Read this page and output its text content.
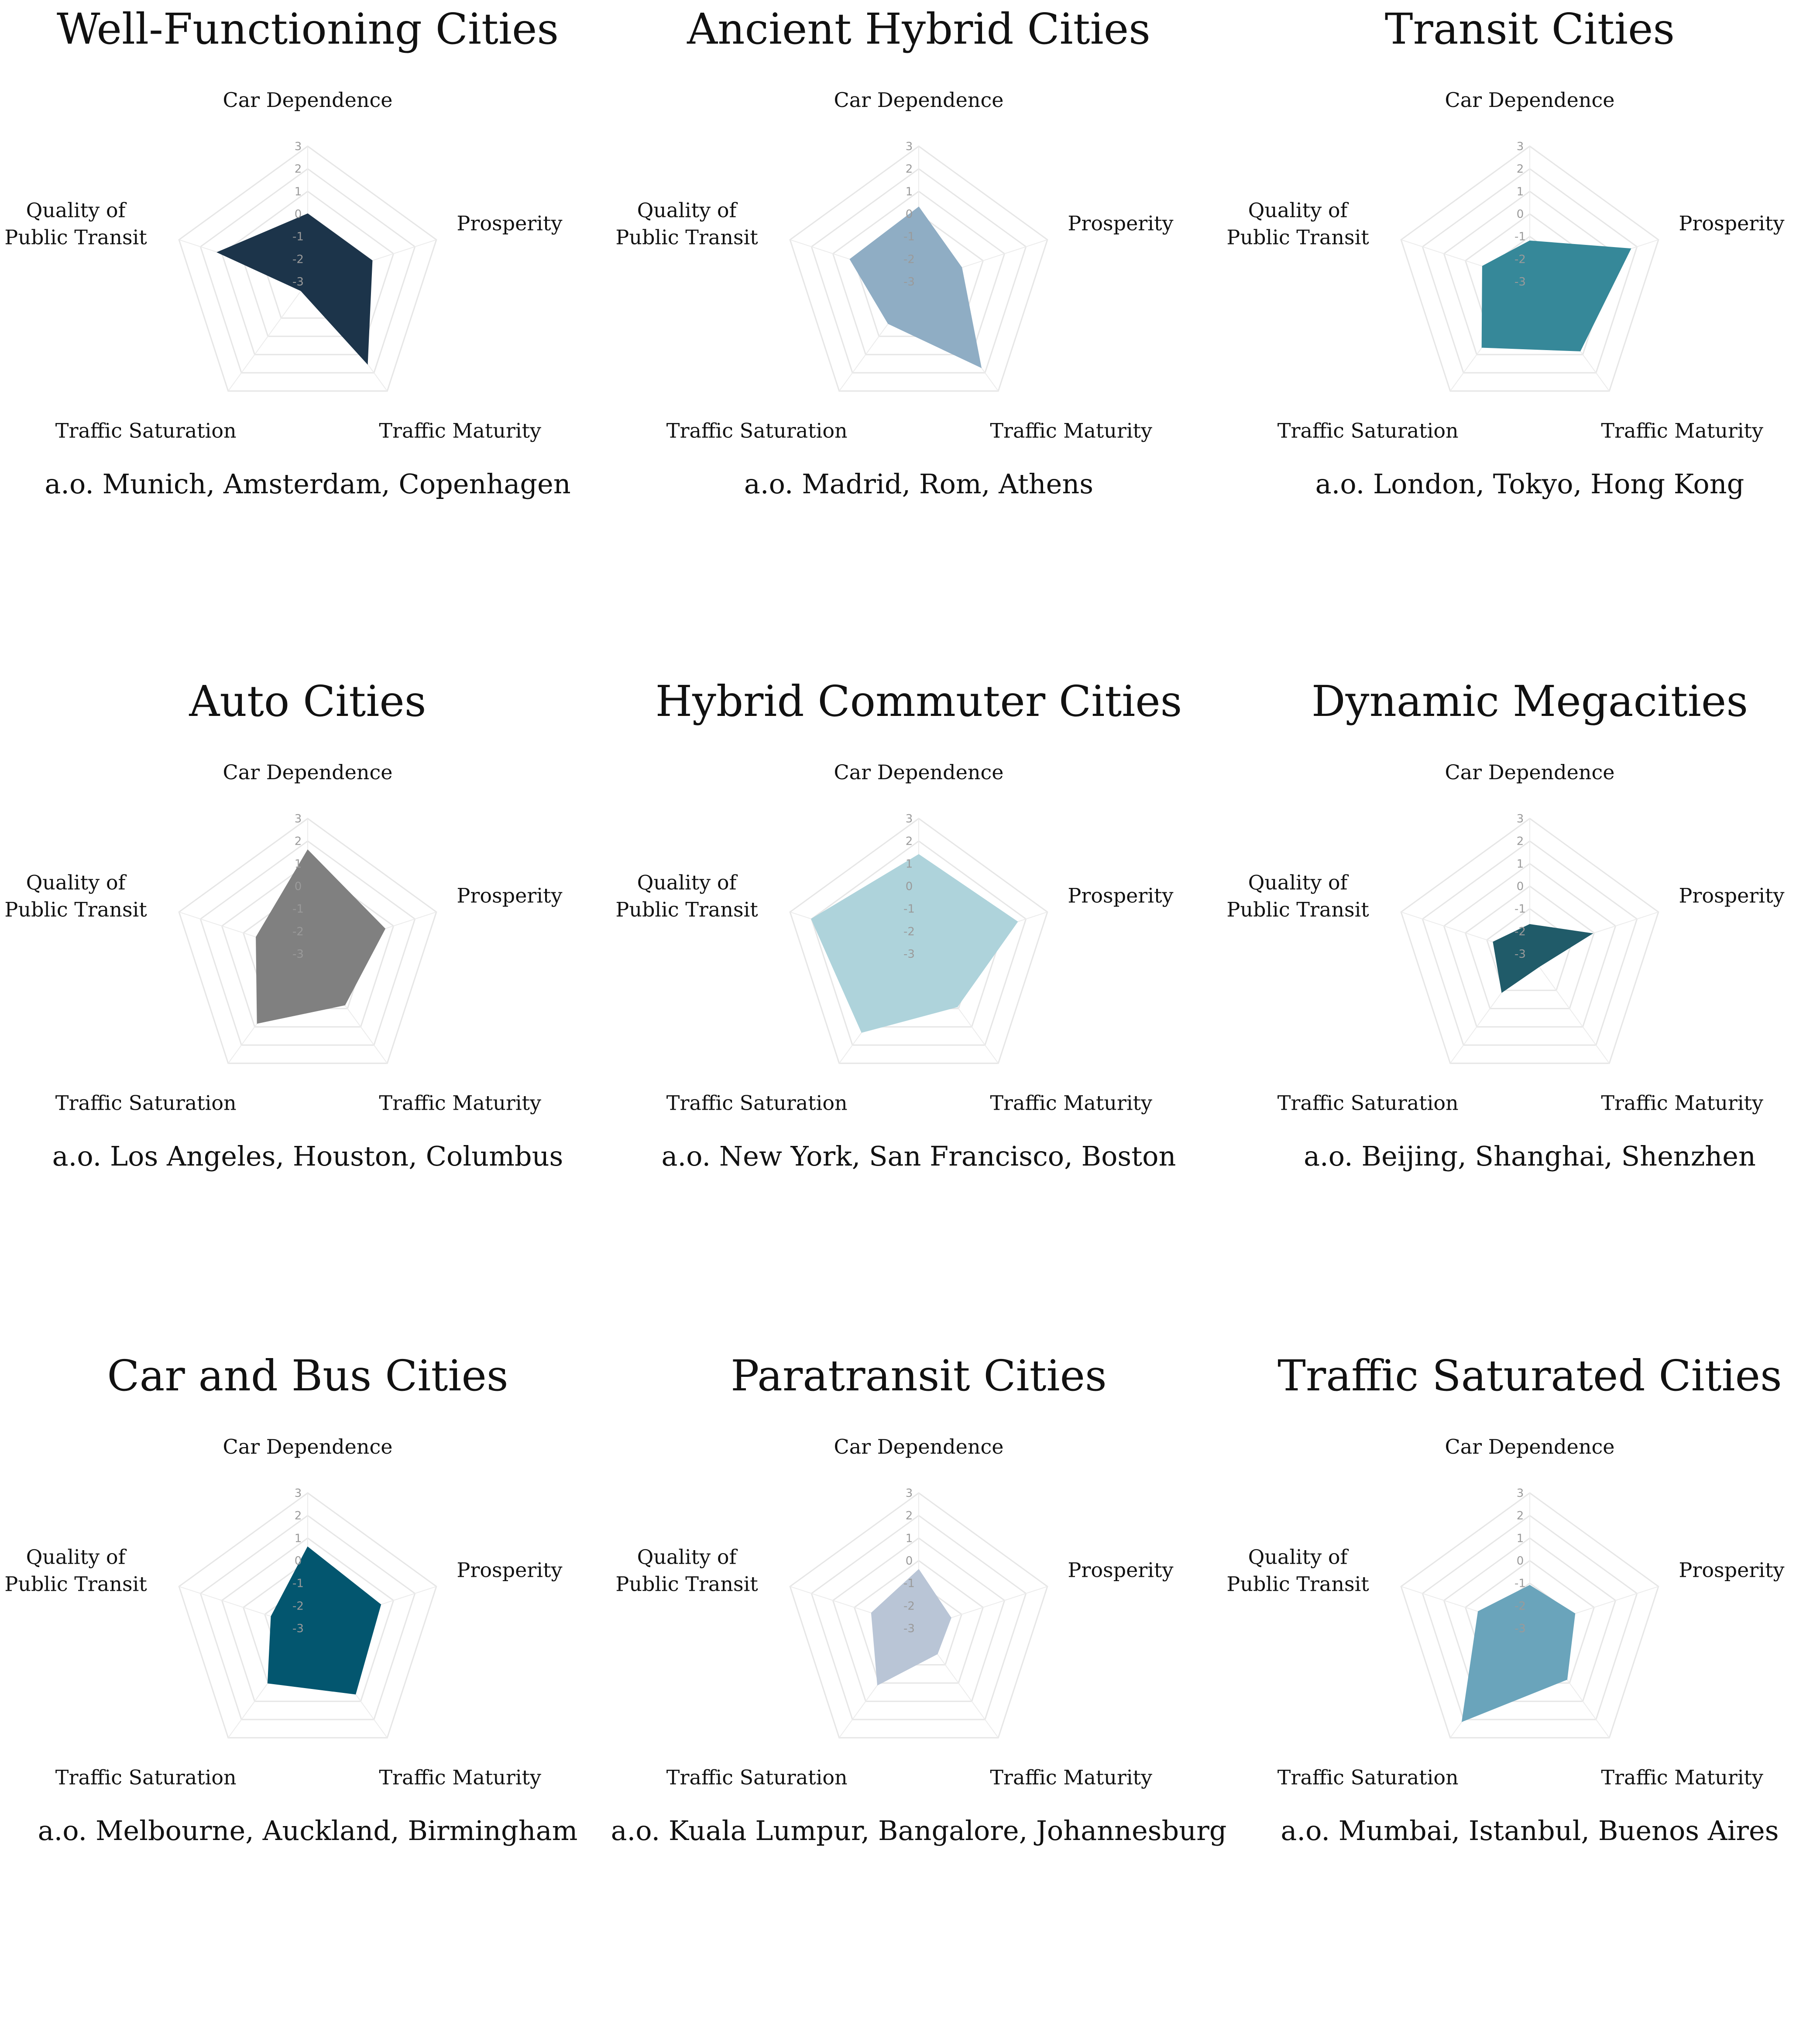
Well-Functioning Cities
3
2
1
0
-1
-2
-3
Car Dependence
Prosperity
Traffic Maturity
Traffic Saturation
Quality of Public Transit
a.o. Munich, Amsterdam, Copenhagen
Ancient Hybrid Cities
3
2
1
0
-1
-2
-3
Car Dependence
Prosperity
Traffic Maturity
Traffic Saturation
Quality of Public Transit
a.o. Madrid, Rom, Athens
Transit Cities
3
2
1
0
-1
-2
-3
Car Dependence
Prosperity
Traffic Maturity
Traffic Saturation
Quality of Public Transit
a.o. London, Tokyo, Hong Kong
Auto Cities
3
2
1
0
-1
-2
-3
Car Dependence
Prosperity
Traffic Maturity
Traffic Saturation
Quality of Public Transit
a.o. Los Angeles, Houston, Columbus
Hybrid Commuter Cities
3
2
1
0
-1
-2
-3
Car Dependence
Prosperity
Traffic Maturity
Traffic Saturation
Quality of Public Transit
a.o. New York, San Francisco, Boston
Dynamic Megacities
3
2
1
0
-1
-2
-3
Car Dependence
Prosperity
Traffic Maturity
Traffic Saturation
Quality of Public Transit
a.o. Beijing, Shanghai, Shenzhen
Car and Bus Cities
3
2
1
0
-1
-2
-3
Car Dependence
Prosperity
Traffic Maturity
Traffic Saturation
Quality of Public Transit
a.o. Melbourne, Auckland, Birmingham
Paratransit Cities
3
2
1
0
-1
-2
-3
Car Dependence
Prosperity
Traffic Maturity
Traffic Saturation
Quality of Public Transit
a.o. Kuala Lumpur, Bangalore, Johannesburg
Traffic Saturated Cities
3
2
1
0
-1
-2
-3
Car Dependence
Prosperity
Traffic Maturity
Traffic Saturation
Quality of Public Transit
a.o. Mumbai, Istanbul, Buenos Aires
